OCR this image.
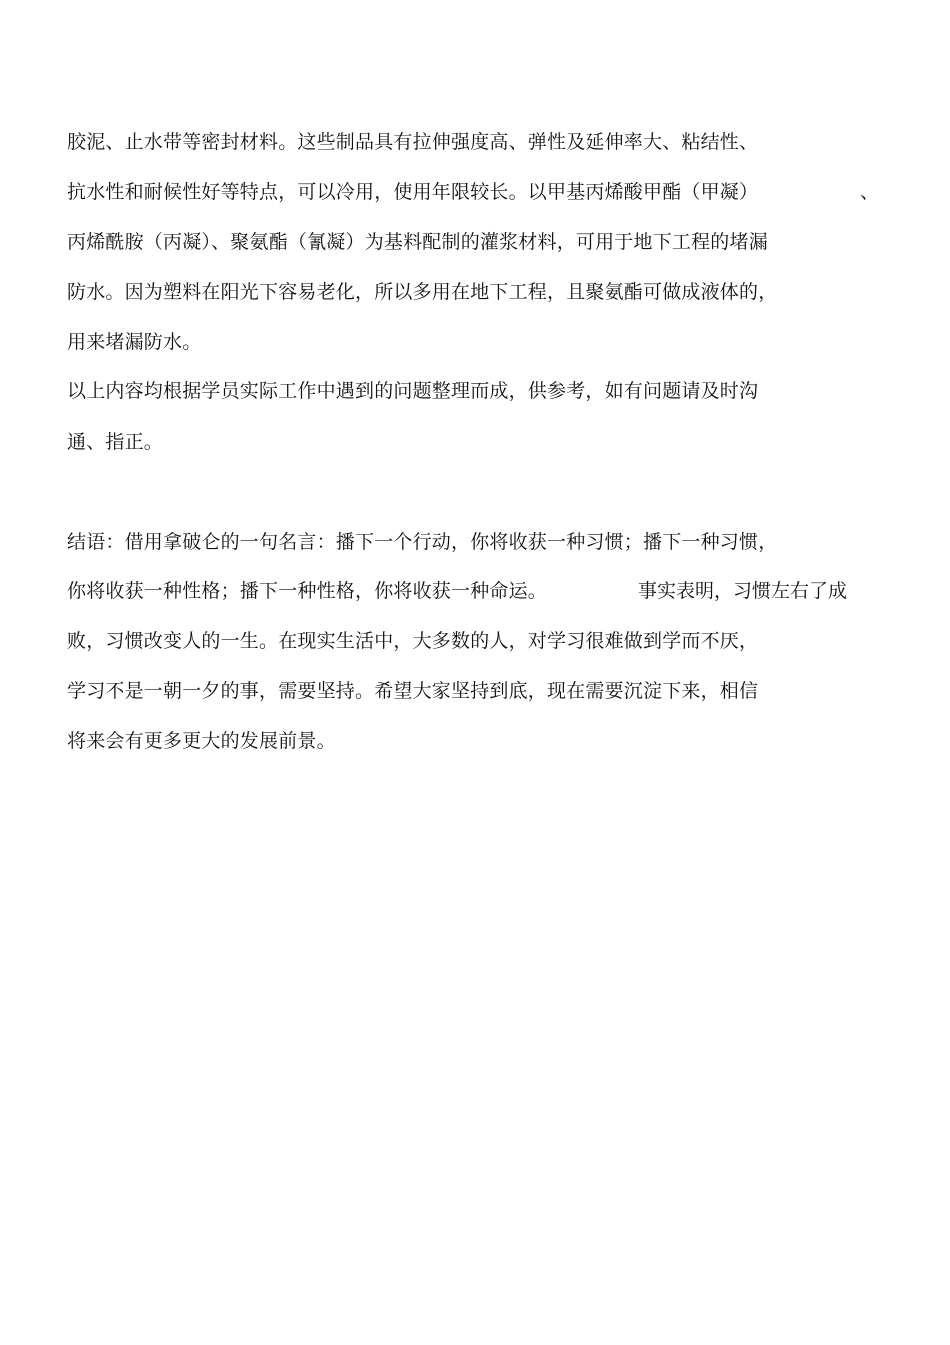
胶泥、止水带等密封材料。这些制品具有拉伸强度高、弹性及延伸率大、粘结性、
抗水性和耐候性好等特点，可以冷用，使用年限较长。以甲基丙烯酸甲酯（甲凝）	、
丙烯酰胺（丙凝）、聚氨酯（氰凝）为基料配制的灌浆材料，可用于地下工程的堵漏
防水。因为塑料在阳光下容易老化，所以多用在地下工程，且聚氨酯可做成液体的，
用来堵漏防水。
以上内容均根据学员实际工作中遇到的问题整理而成，供参考，如有问题请及时沟
通、指正。
结语：借用拿破仑的一句名言：播下一个行动，你将收获一种习惯；播下一种习惯，
你将收获一种性格；播下一种性格，你将收获一种命运。	事实表明，习惯左右了成
败，习惯改变人的一生。在现实生活中，大多数的人，对学习很难做到学而不厌，
学习不是一朝一夕的事，需要坚持。希望大家坚持到底，现在需要沉淀下来，相信
将来会有更多更大的发展前景。
